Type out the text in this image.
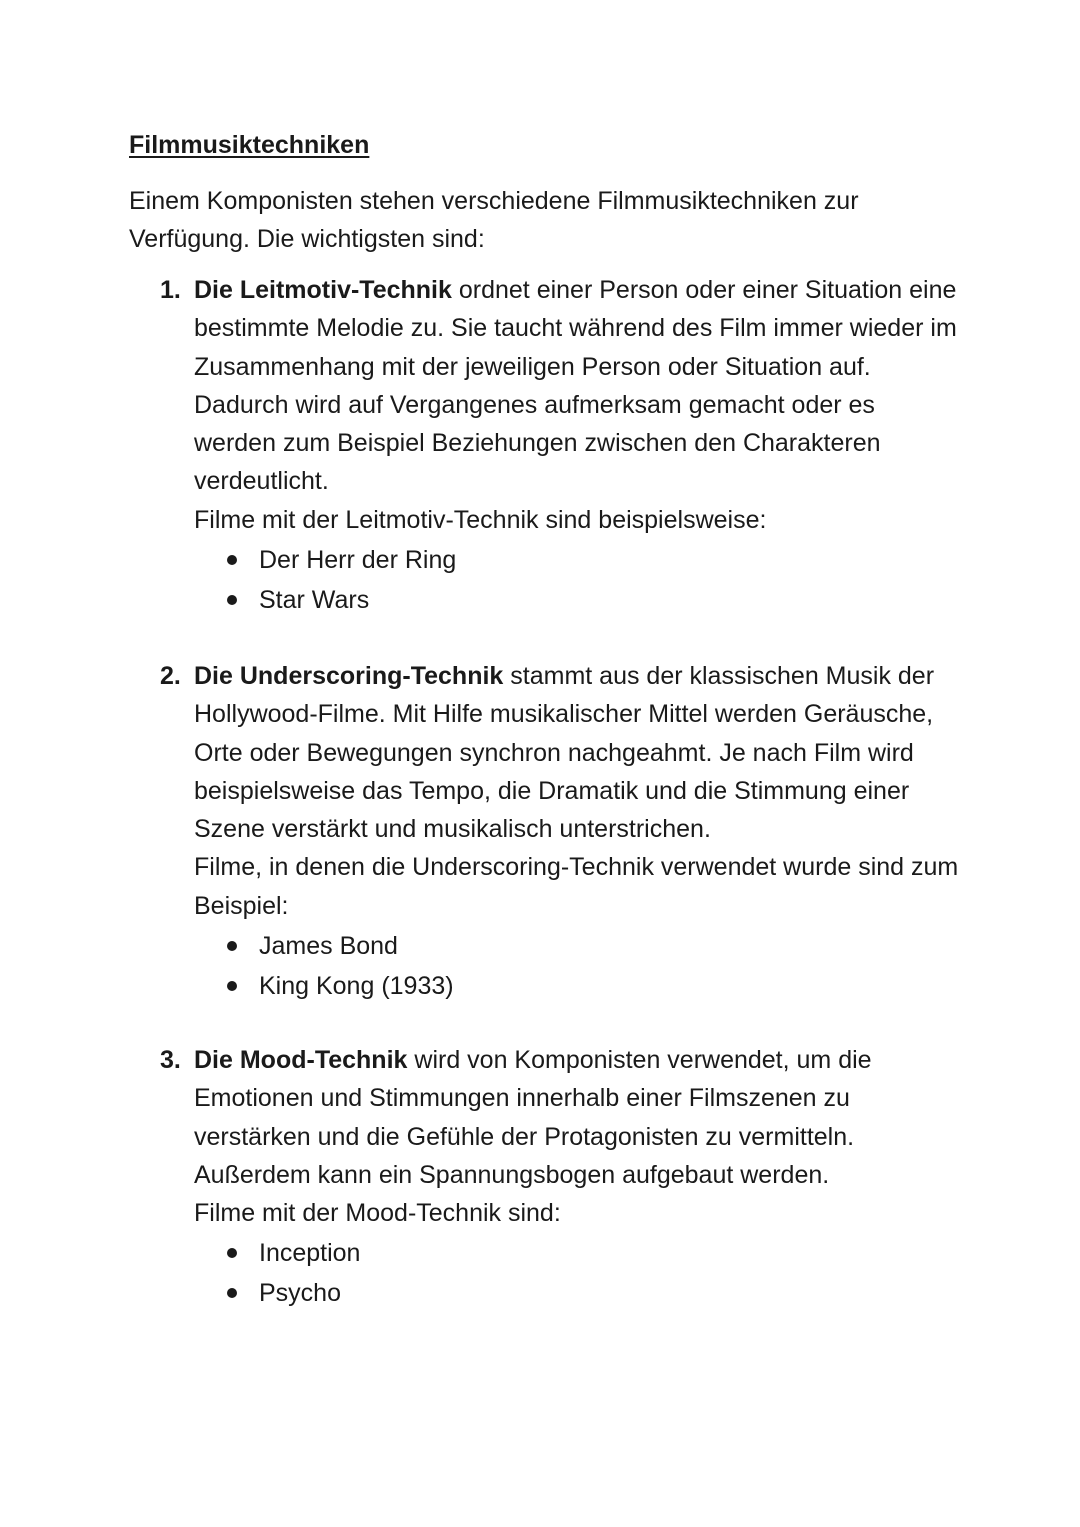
Filmmusiktechniken
Einem Komponisten stehen verschiedene Filmmusiktechniken zur Verfügung. Die wichtigsten sind:
1. Die Leitmotiv-Technik ordnet einer Person oder einer Situation eine bestimmte Melodie zu. Sie taucht während des Film immer wieder im Zusammenhang mit der jeweiligen Person oder Situation auf. Dadurch wird auf Vergangenes aufmerksam gemacht oder es werden zum Beispiel Beziehungen zwischen den Charakteren verdeutlicht.
Filme mit der Leitmotiv-Technik sind beispielsweise:
Der Herr der Ring
Star Wars
2. Die Underscoring-Technik stammt aus der klassischen Musik der Hollywood-Filme. Mit Hilfe musikalischer Mittel werden Geräusche, Orte oder Bewegungen synchron nachgeahmt. Je nach Film wird beispielsweise das Tempo, die Dramatik und die Stimmung einer Szene verstärkt und musikalisch unterstrichen.
Filme, in denen die Underscoring-Technik verwendet wurde sind zum Beispiel:
James Bond
King Kong (1933)
3. Die Mood-Technik wird von Komponisten verwendet, um die Emotionen und Stimmungen innerhalb einer Filmszenen zu verstärken und die Gefühle der Protagonisten zu vermitteln. Außerdem kann ein Spannungsbogen aufgebaut werden.
Filme mit der Mood-Technik sind:
Inception
Psycho
